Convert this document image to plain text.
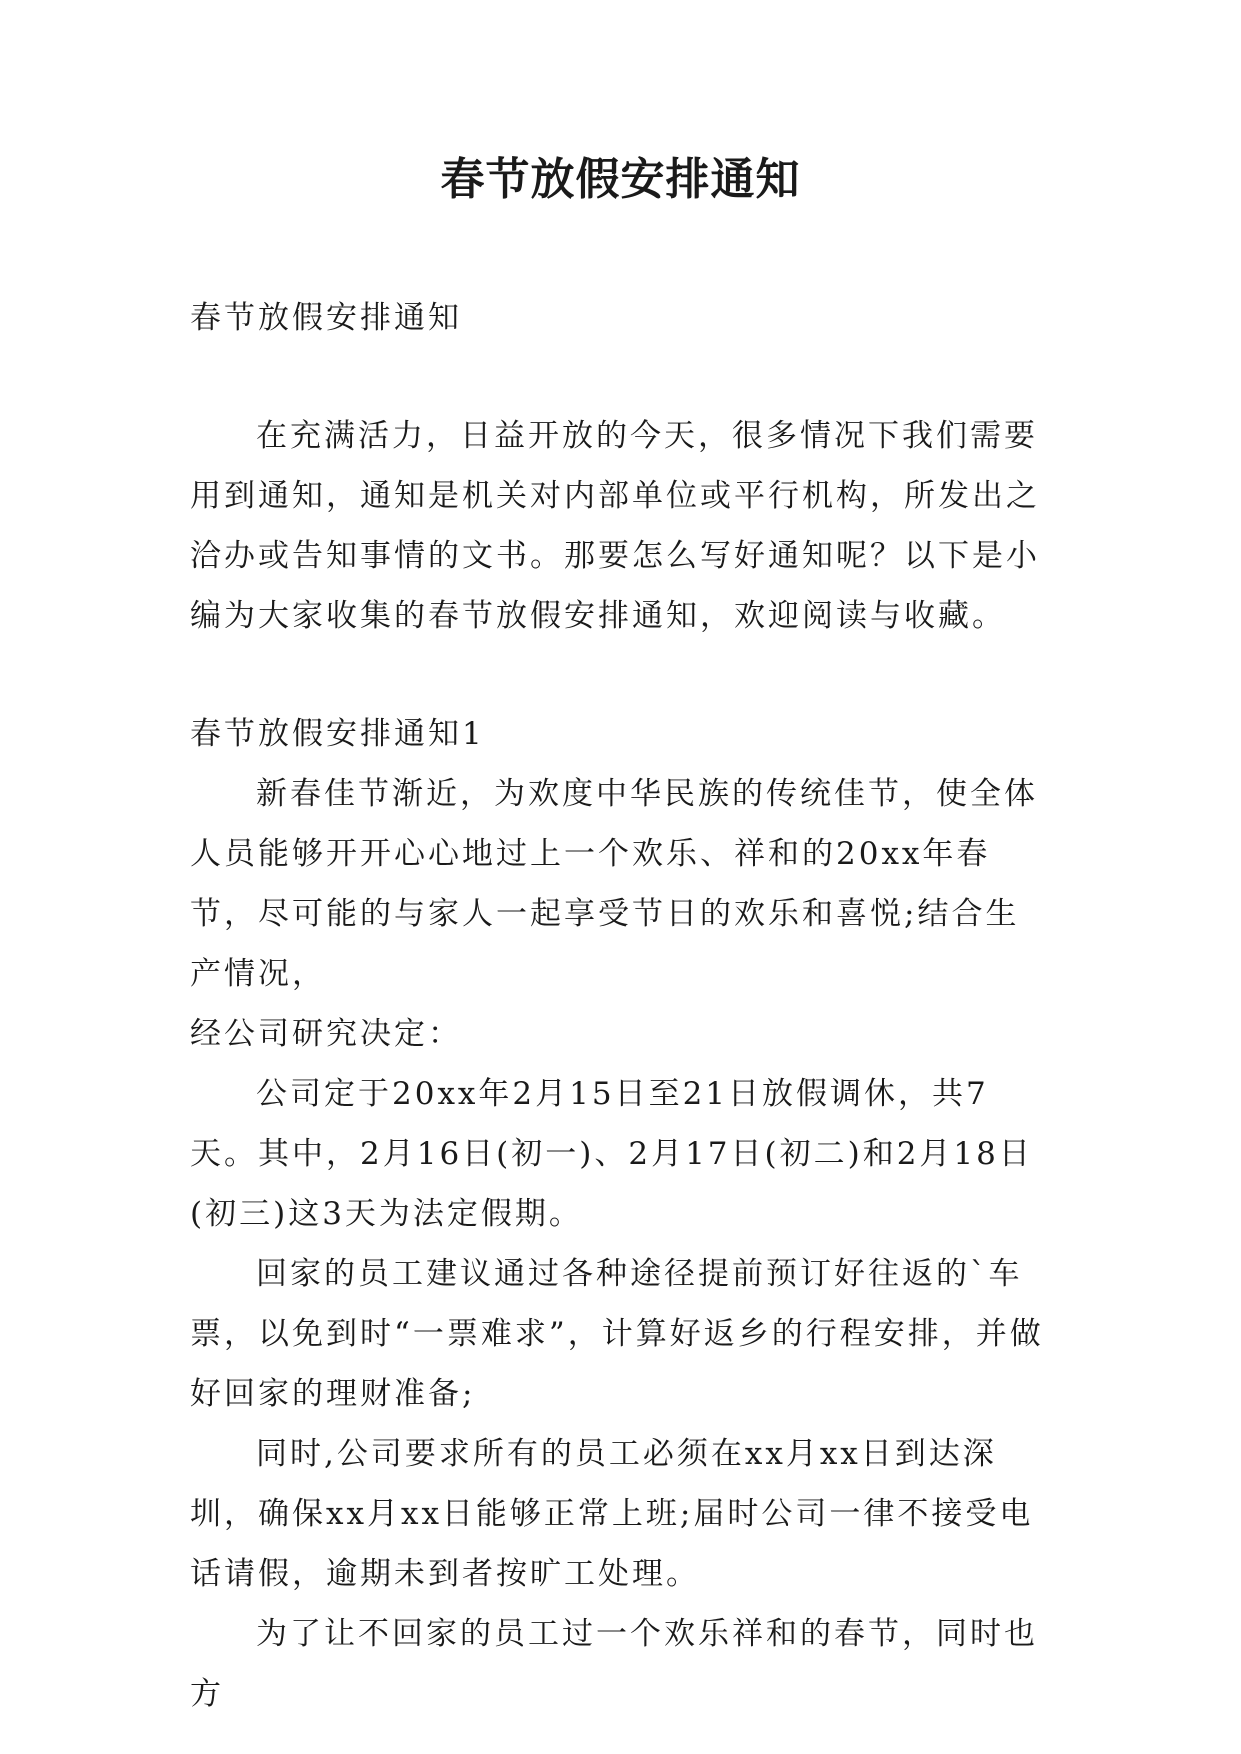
春节放假安排通知

春节放假安排通知

在充满活力，日益开放的今天，很多情况下我们需要用到通知，通知是机关对内部单位或平行机构，所发出之洽办或告知事情的文书。那要怎么写好通知呢？以下是小编为大家收集的春节放假安排通知，欢迎阅读与收藏。

春节放假安排通知1

新春佳节渐近，为欢度中华民族的传统佳节，使全体人员能够开开心心地过上一个欢乐、祥和的20xx年春节，尽可能的与家人一起享受节日的欢乐和喜悦;结合生产情况，

经公司研究决定：

公司定于20xx年2月15日至21日放假调休，共7天。其中，2月16日(初一)、2月17日(初二)和2月18日(初三)这3天为法定假期。

回家的员工建议通过各种途径提前预订好往返的`车票，以免到时“一票难求”，计算好返乡的行程安排，并做好回家的理财准备;

同时,公司要求所有的员工必须在xx月xx日到达深圳，确保xx月xx日能够正常上班;届时公司一律不接受电话请假，逾期未到者按旷工处理。

为了让不回家的员工过一个欢乐祥和的春节，同时也方
